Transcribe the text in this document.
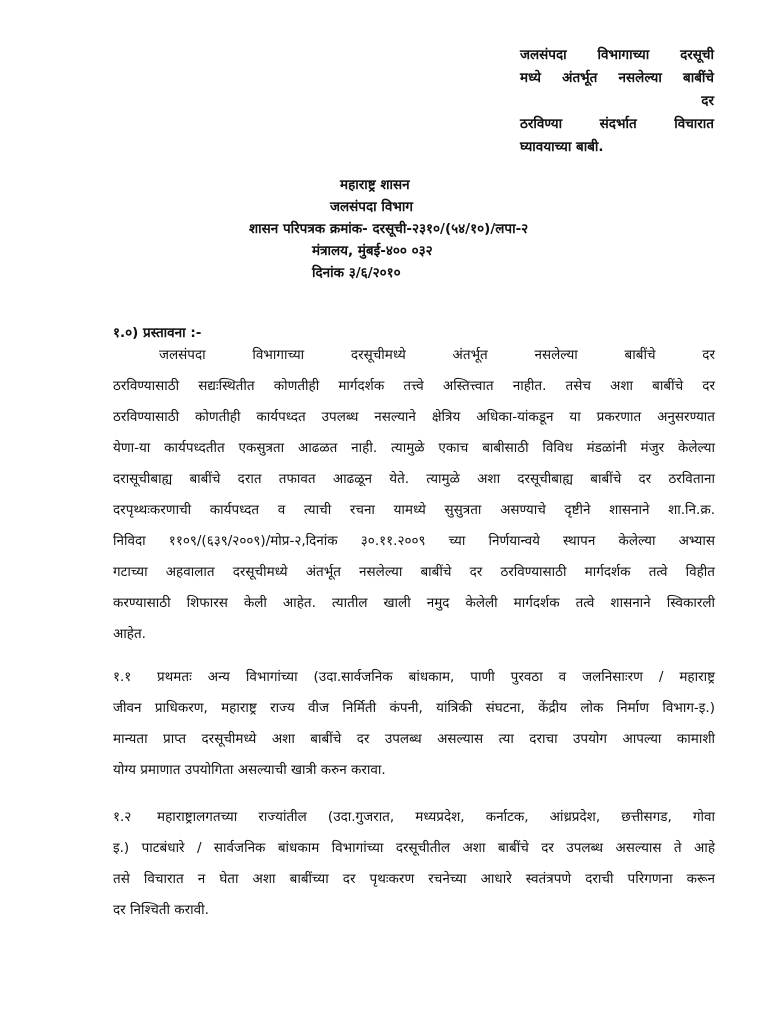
जलसंपदा विभागाच्या दरसूची
मध्ये अंतर्भूत नसलेल्या बाबींचे
दर
ठरविण्या संदर्भात विचारात
घ्यावयाच्या बाबी.
महाराष्ट्र शासन
जलसंपदा विभाग
शासन परिपत्रक क्रमांक- दरसूची-२३१०/(५४/१०)/लपा-२
मंत्रालय, मुंबई-४०० ०३२
दिनांक ३/६/२०१०
१.०) प्रस्तावना :-
जलसंपदा विभागाच्या दरसूचीमध्ये अंतर्भूत नसलेल्या बाबींचे दर
ठरविण्यासाठी सद्यःस्थितीत कोणतीही मार्गदर्शक तत्त्वे अस्तित्त्वात नाहीत. तसेच अशा बाबींचे दर
ठरविण्यासाठी कोणतीही कार्यपध्दत उपलब्ध नसल्याने क्षेत्रिय अधिका-यांकडून या प्रकरणात अनुसरण्यात
येणा-या कार्यपध्दतीत एकसुत्रता आढळत नाही. त्यामुळे एकाच बाबीसाठी विविध मंडळांनी मंजुर केलेल्या
दरासूचीबाह्य बाबींचे दरात तफावत आढळून येते. त्यामुळे अशा दरसूचीबाह्य बाबींचे दर ठरविताना
दरपृथ्थःकरणाची कार्यपध्दत व त्याची रचना यामध्ये सुसुत्रता असण्याचे दृष्टीने शासनाने शा.नि.क्र.
निविदा ११०९/(६३९/२००९)/मोप्र-२,दिनांक ३०.११.२००९ च्या निर्णयान्वये स्थापन केलेल्या अभ्यास
गटाच्या अहवालात दरसूचीमध्ये अंतर्भूत नसलेल्या बाबींचे दर ठरविण्यासाठी मार्गदर्शक तत्वे विहीत
करण्यासाठी शिफारस केली आहेत. त्यातील खाली नमुद केलेली मार्गदर्शक तत्वे शासनाने स्विकारली
आहेत.
१.१ प्रथमतः अन्य विभागांच्या (उदा.सार्वजनिक बांधकाम, पाणी पुरवठा व जलनिसाःरण / महाराष्ट्र
जीवन प्राधिकरण, महाराष्ट्र राज्य वीज निर्मिती कंपनी, यांत्रिकी संघटना, केंद्रीय लोक निर्माण विभाग-इ.)
मान्यता प्राप्त दरसूचीमध्ये अशा बाबींचे दर उपलब्ध असल्यास त्या दराचा उपयोग आपल्या कामाशी
योग्य प्रमाणात उपयोगिता असल्याची खात्री करुन करावा.
१.२ महाराष्ट्रालगतच्या राज्यांतील (उदा.गुजरात, मध्यप्रदेश, कर्नाटक, आंध्रप्रदेश, छत्तीसगड, गोवा
इ.) पाटबंधारे / सार्वजनिक बांधकाम विभागांच्या दरसूचीतील अशा बाबींचे दर उपलब्ध असल्यास ते आहे
तसे विचारात न घेता अशा बाबींच्या दर पृथःकरण रचनेच्या आधारे स्वतंत्रपणे दराची परिगणना करून
दर निश्चिती करावी.
